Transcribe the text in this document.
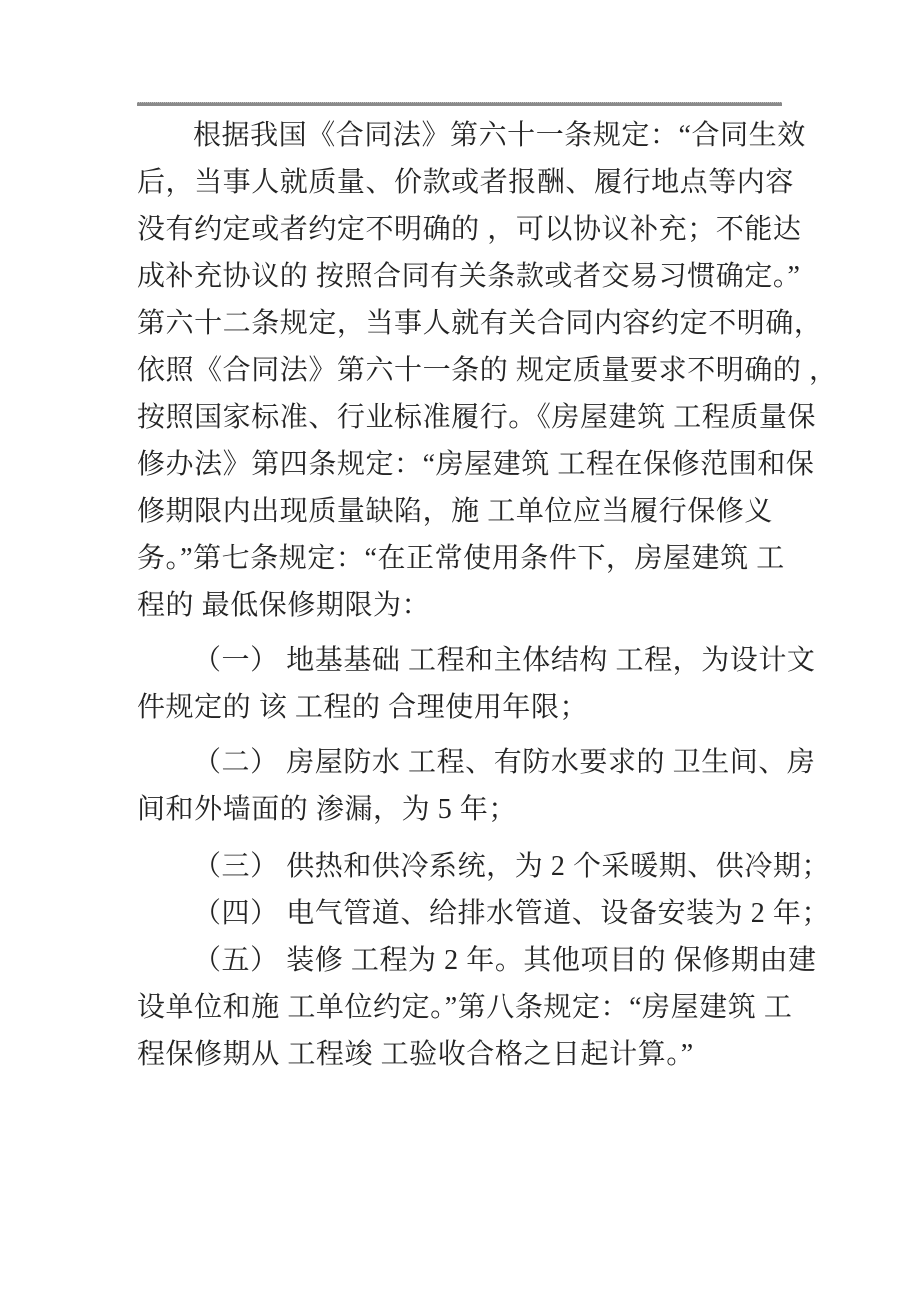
根据我国《合同法》第六十一条规定：“合同生效
后，当事人就质量、价款或者报酬、履行地点等内容
没有约定或者约定不明确的 ，可以协议补充；不能达
成补充协议的 按照合同有关条款或者交易习惯确定。”
第六十二条规定，当事人就有关合同内容约定不明确，
依照《合同法》第六十一条的 规定质量要求不明确的 ，
按照国家标准、行业标准履行。《房屋建筑 工程质量保
修办法》第四条规定：“房屋建筑 工程在保修范围和保
修期限内出现质量缺陷，施 工单位应当履行保修义
务。”第七条规定：“在正常使用条件下，房屋建筑 工
程的 最低保修期限为：
（一） 地基基础 工程和主体结构 工程，为设计文
件规定的 该 工程的 合理使用年限；
（二） 房屋防水 工程、有防水要求的 卫生间、房
间和外墙面的 渗漏，为 5 年；
（三） 供热和供冷系统，为 2 个采暖期、供冷期；
（四） 电气管道、给排水管道、设备安装为 2 年；
（五） 装修 工程为 2 年。其他项目的 保修期由建
设单位和施 工单位约定。”第八条规定：“房屋建筑 工
程保修期从 工程竣 工验收合格之日起计算。”
